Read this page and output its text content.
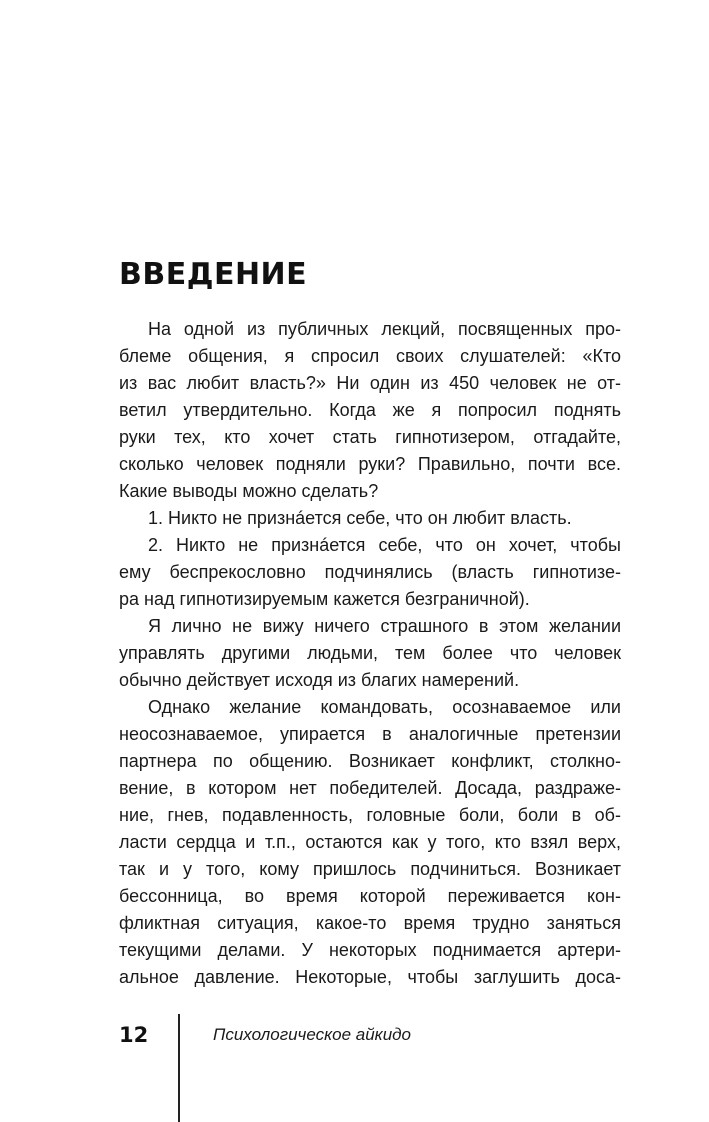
ВВЕДЕНИЕ
На одной из публичных лекций, посвященных про-
блеме общения, я спросил своих слушателей: «Кто
из вас любит власть?» Ни один из 450 человек не от-
ветил утвердительно. Когда же я попросил поднять
руки тех, кто хочет стать гипнотизером, отгадайте,
сколько человек подняли руки? Правильно, почти все.
Какие выводы можно сделать?
1. Никто не признáется себе, что он любит власть.
2. Никто не признáется себе, что он хочет, чтобы
ему беспрекословно подчинялись (власть гипнотизе-
ра над гипнотизируемым кажется безграничной).
Я лично не вижу ничего страшного в этом желании
управлять другими людьми, тем более что человек
обычно действует исходя из благих намерений.
Однако желание командовать, осознаваемое или
неосознаваемое, упирается в аналогичные претензии
партнера по общению. Возникает конфликт, столкно-
вение, в котором нет победителей. Досада, раздраже-
ние, гнев, подавленность, головные боли, боли в об-
ласти сердца и т.п., остаются как у того, кто взял верх,
так и у того, кому пришлось подчиниться. Возникает
бессонница, во время которой переживается кон-
фликтная ситуация, какое-то время трудно заняться
текущими делами. У некоторых поднимается артери-
альное давление. Некоторые, чтобы заглушить доса-
12	Психологическое айкидо
